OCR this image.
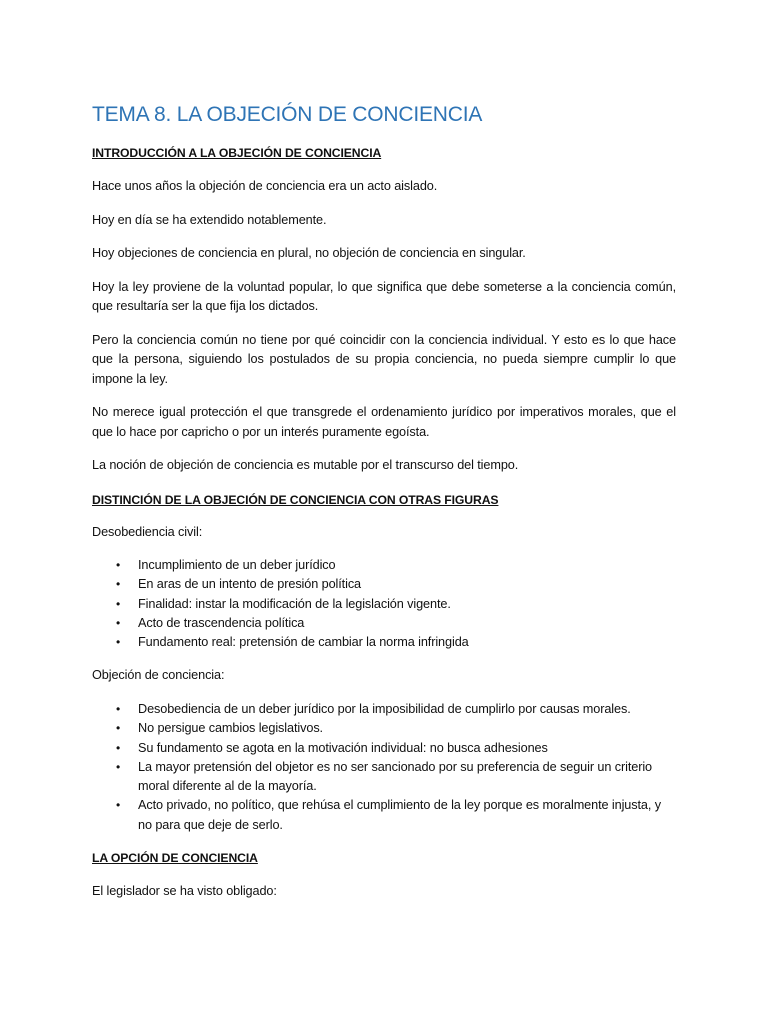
TEMA 8. LA OBJECIÓN DE CONCIENCIA
INTRODUCCIÓN A LA OBJECIÓN DE CONCIENCIA

Hace unos años la objeción de conciencia era un acto aislado.

Hoy en día se ha extendido notablemente.

Hoy objeciones de conciencia en plural, no objeción de conciencia en singular.

Hoy la ley proviene de la voluntad popular, lo que significa que debe someterse a la conciencia común, que resultaría ser la que fija los dictados.

Pero la conciencia común no tiene por qué coincidir con la conciencia individual. Y esto es lo que hace que la persona, siguiendo los postulados de su propia conciencia, no pueda siempre cumplir lo que impone la ley.

No merece igual protección el que transgrede el ordenamiento jurídico por imperativos morales, que el que lo hace por capricho o por un interés puramente egoísta.

La noción de objeción de conciencia es mutable por el transcurso del tiempo.

DISTINCIÓN DE LA OBJECIÓN DE CONCIENCIA CON OTRAS FIGURAS

Desobediencia civil:

• Incumplimiento de un deber jurídico
• En aras de un intento de presión política
• Finalidad: instar la modificación de la legislación vigente.
• Acto de trascendencia política
• Fundamento real: pretensión de cambiar la norma infringida

Objeción de conciencia:

• Desobediencia de un deber jurídico por la imposibilidad de cumplirlo por causas morales.
• No persigue cambios legislativos.
• Su fundamento se agota en la motivación individual: no busca adhesiones
• La mayor pretensión del objetor es no ser sancionado por su preferencia de seguir un criterio moral diferente al de la mayoría.
• Acto privado, no político, que rehúsa el cumplimiento de la ley porque es moralmente injusta, y no para que deje de serlo.
LA OPCIÓN DE CONCIENCIA

El legislador se ha visto obligado:
